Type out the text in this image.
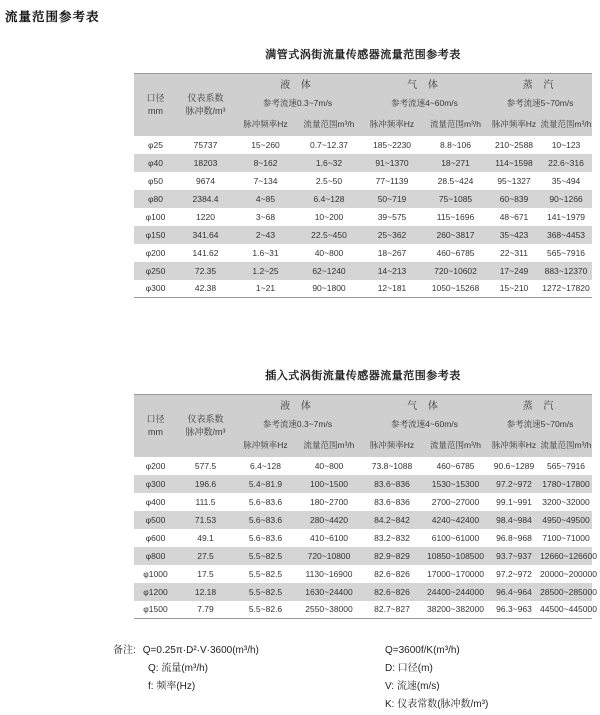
流量范围参考表
满管式涡街流量传感器流量范围参考表
口径
mm

仪表系数
脉冲数/m³
	液 体	气 体	蒸 汽
		参考流速0.3~7m/s		参考流速4~60m/s		参考流速5~70m/s	
		脉冲频率Hz	流量范围m³/h	脉冲频率Hz	流量范围m³/h	脉冲频率Hz	流量范围m³/h
φ25	75737	15~260	0.7~12.37	185~2230	8.8~106	210~2588	10~123
φ40	18203	8~162	1.6~32	91~1370	18~271	114~1598	22.6~316
φ50	9674	7~134	2.5~50	77~1139	28.5~424	95~1327	35~494
φ80	2384.4	4~85	6.4~128	50~719	75~1085	60~839	90~1266
φ100	1220	3~68	10~200	39~575	115~1696	48~671	141~1979
φ150	341.64	2~43	22.5~450	25~362	260~3817	35~423	368~4453
φ200	141.62	1.6~31	40~800	18~267	460~6785	22~311	565~7916
φ250	72.35	1.2~25	62~1240	14~213	720~10602	17~249	883~12370
φ300	42.38	1~21	90~1800	12~181	1050~15268	15~210	1272~17820
插入式涡街流量传感器流量范围参考表
口径
mm

仪表系数
脉冲数/m³
	液 体	气 体	蒸 汽
		参考流速0.3~7m/s		参考流速4~60m/s		参考流速5~70m/s	
		脉冲频率Hz	流量范围m³/h	脉冲频率Hz	流量范围m³/h	脉冲频率Hz	流量范围m³/h
φ200	577.5	6.4~128	40~800	73.8~1088	460~6785	90.6~1289	565~7916
φ300	196.6	5.4~81.9	100~1500	83.6~836	1530~15300	97.2~972	1780~17800
φ400	111.5	5.6~83.6	180~2700	83.6~836	2700~27000	99.1~991	3200~32000
φ500	71.53	5.6~83.6	280~4420	84.2~842	4240~42400	98.4~984	4950~49500
φ600	49.1	5.6~83.6	410~6100	83.2~832	6100~61000	96.8~968	7100~71000
φ800	27.5	5.5~82.5	720~10800	82.9~829	10850~108500	93.7~937	12660~126600
φ1000	17.5	5.5~82.5	1130~16900	82.6~826	17000~170000	97.2~972	20000~200000
φ1200	12.18	5.5~82.5	1630~24400	82.6~826	24400~244000	96.4~964	28500~285000
φ1500	7.79	5.5~82.6	2550~38000	82.7~827	38200~382000	96.3~963	44500~445000
备注: Q=0.25π·D²·V·3600(m³/h)
Q: 流量(m³/h)
f: 频率(Hz)
Q=3600f/K(m³/h)
D: 口径(m)
V: 流速(m/s)
K: 仪表常数(脉冲数/m³)
